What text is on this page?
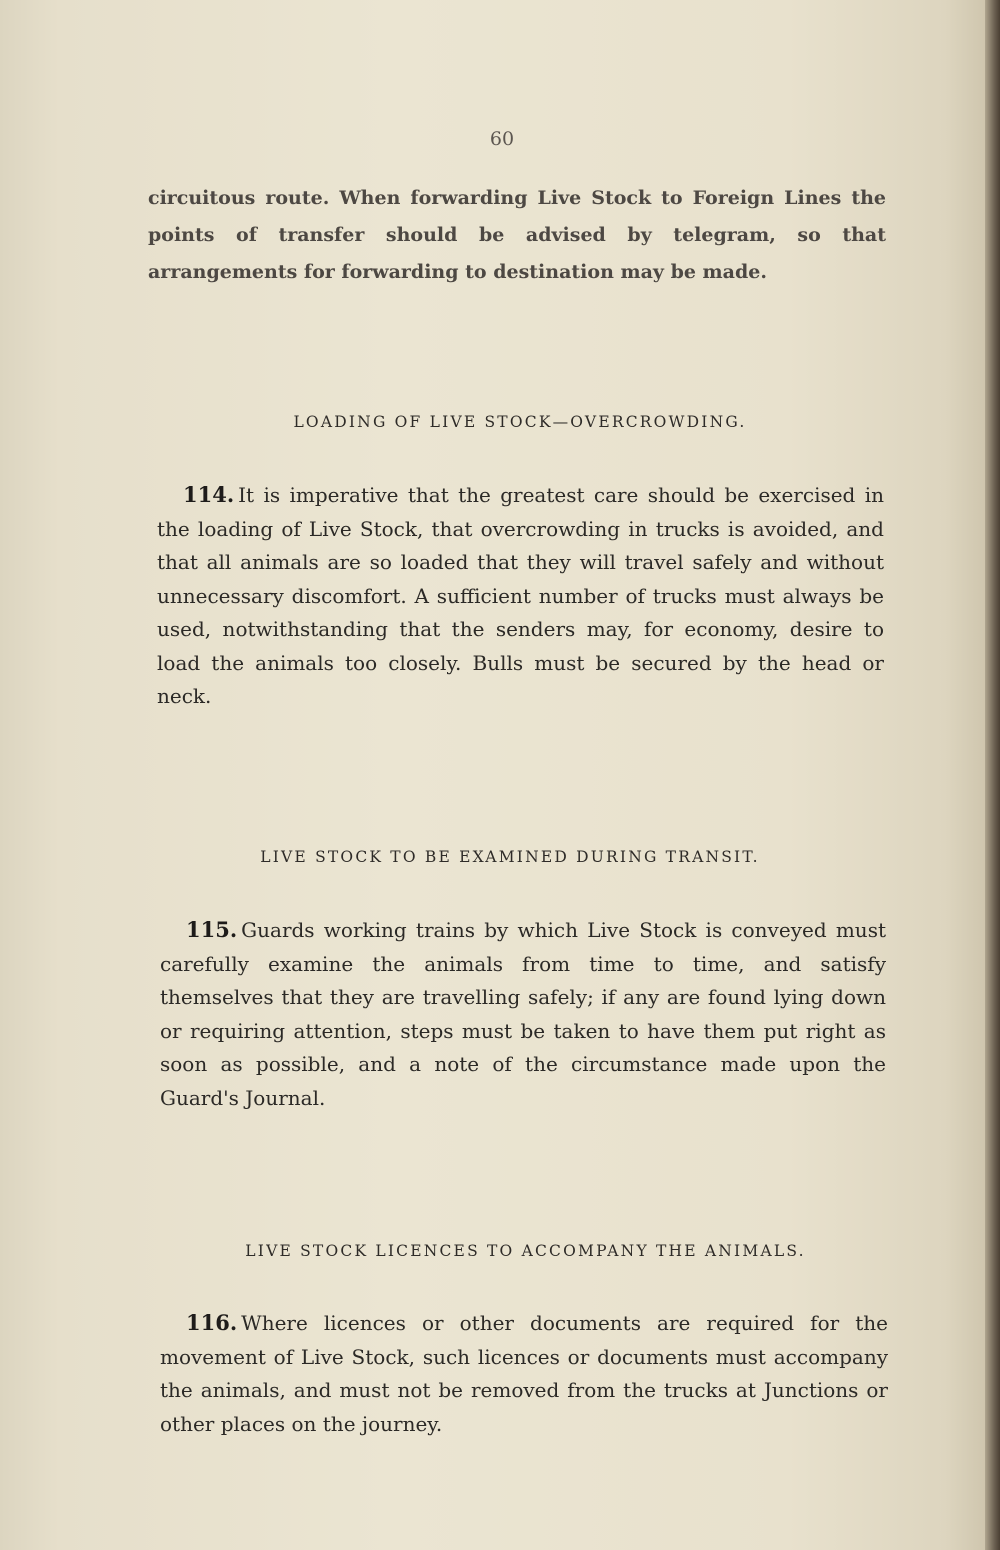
60

circuitous route. When forwarding Live Stock to Foreign Lines the points of transfer should be advised by telegram, so that arrangements for forwarding to destination may be made.

LOADING OF LIVE STOCK—OVERCROWDING.

114. It is imperative that the greatest care should be exercised in the loading of Live Stock, that overcrowding in trucks is avoided, and that all animals are so loaded that they will travel safely and without unnecessary discomfort. A sufficient number of trucks must always be used, notwithstanding that the senders may, for economy, desire to load the animals too closely. Bulls must be secured by the head or neck.

LIVE STOCK TO BE EXAMINED DURING TRANSIT.

115. Guards working trains by which Live Stock is conveyed must carefully examine the animals from time to time, and satisfy themselves that they are travelling safely; if any are found lying down or requiring attention, steps must be taken to have them put right as soon as possible, and a note of the circumstance made upon the Guard's Journal.

LIVE STOCK LICENCES TO ACCOMPANY THE ANIMALS.

116. Where licences or other documents are required for the movement of Live Stock, such licences or documents must accompany the animals, and must not be removed from the trucks at Junctions or other places on the journey.
